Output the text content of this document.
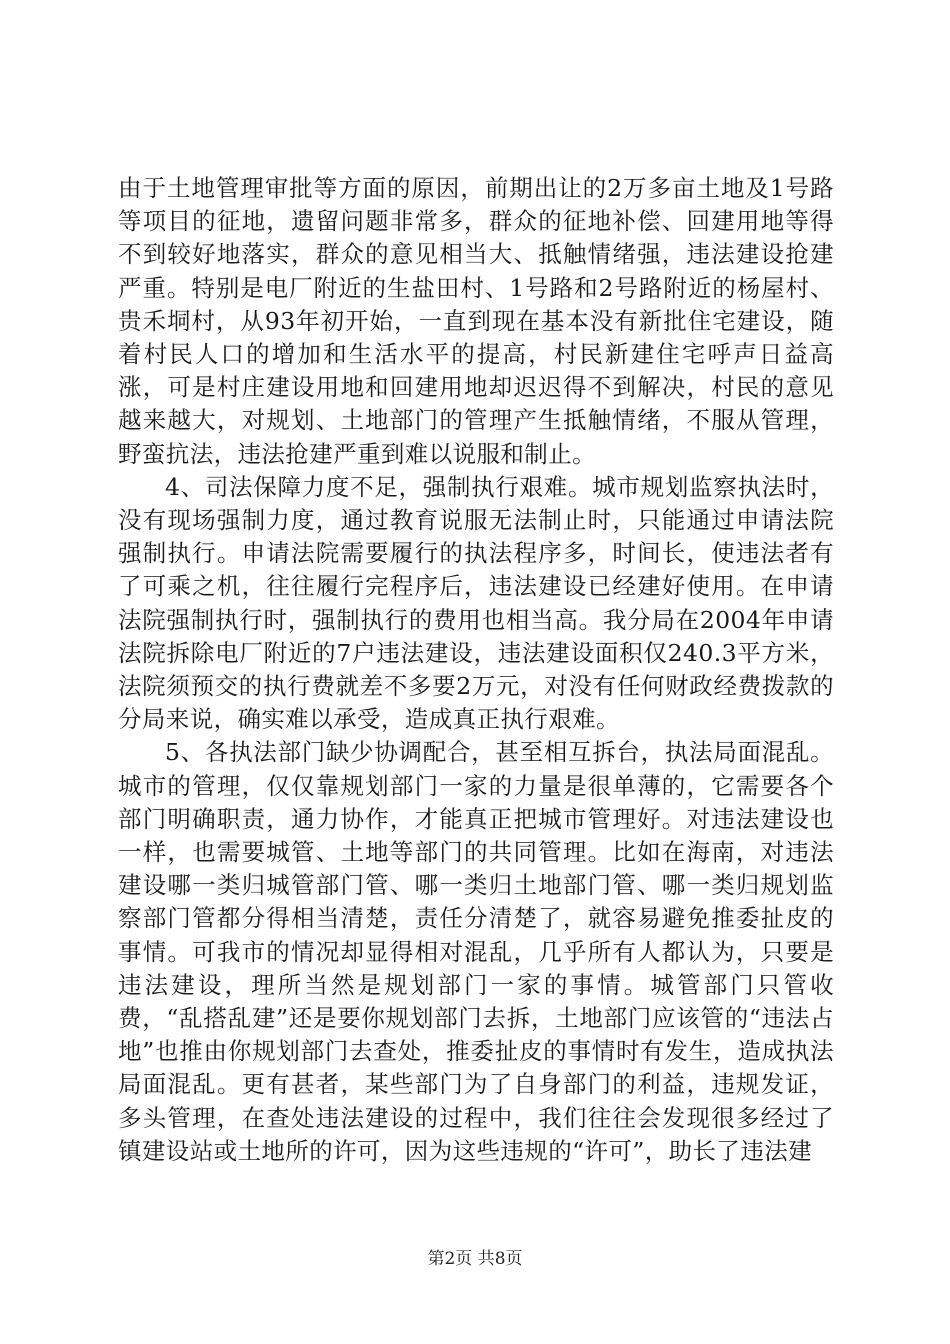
由于土地管理审批等方面的原因，前期出让的2万多亩土地及1号路等项目的征地，遗留问题非常多，群众的征地补偿、回建用地等得不到较好地落实，群众的意见相当大、抵触情绪强，违法建设抢建严重。特别是电厂附近的生盐田村、1号路和2号路附近的杨屋村、贵禾垌村，从93年初开始，一直到现在基本没有新批住宅建设，随着村民人口的增加和生活水平的提高，村民新建住宅呼声日益高涨，可是村庄建设用地和回建用地却迟迟得不到解决，村民的意见越来越大，对规划、土地部门的管理产生抵触情绪，不服从管理，野蛮抗法，违法抢建严重到难以说服和制止。

4、司法保障力度不足，强制执行艰难。城市规划监察执法时，没有现场强制力度，通过教育说服无法制止时，只能通过申请法院强制执行。申请法院需要履行的执法程序多，时间长，使违法者有了可乘之机，往往履行完程序后，违法建设已经建好使用。在申请法院强制执行时，强制执行的费用也相当高。我分局在2004年申请法院拆除电厂附近的7户违法建设，违法建设面积仅240.3平方米，法院须预交的执行费就差不多要2万元，对没有任何财政经费拨款的分局来说，确实难以承受，造成真正执行艰难。

5、各执法部门缺少协调配合，甚至相互拆台，执法局面混乱。城市的管理，仅仅靠规划部门一家的力量是很单薄的，它需要各个部门明确职责，通力协作，才能真正把城市管理好。对违法建设也一样，也需要城管、土地等部门的共同管理。比如在海南，对违法建设哪一类归城管部门管、哪一类归土地部门管、哪一类归规划监察部门管都分得相当清楚，责任分清楚了，就容易避免推委扯皮的事情。可我市的情况却显得相对混乱，几乎所有人都认为，只要是违法建设，理所当然是规划部门一家的事情。城管部门只管收费，“乱搭乱建”还是要你规划部门去拆，土地部门应该管的“违法占地”也推由你规划部门去查处，推委扯皮的事情时有发生，造成执法局面混乱。更有甚者，某些部门为了自身部门的利益，违规发证，多头管理，在查处违法建设的过程中，我们往往会发现很多经过了镇建设站或土地所的许可，因为这些违规的“许可”，助长了违法建

第2页 共8页
